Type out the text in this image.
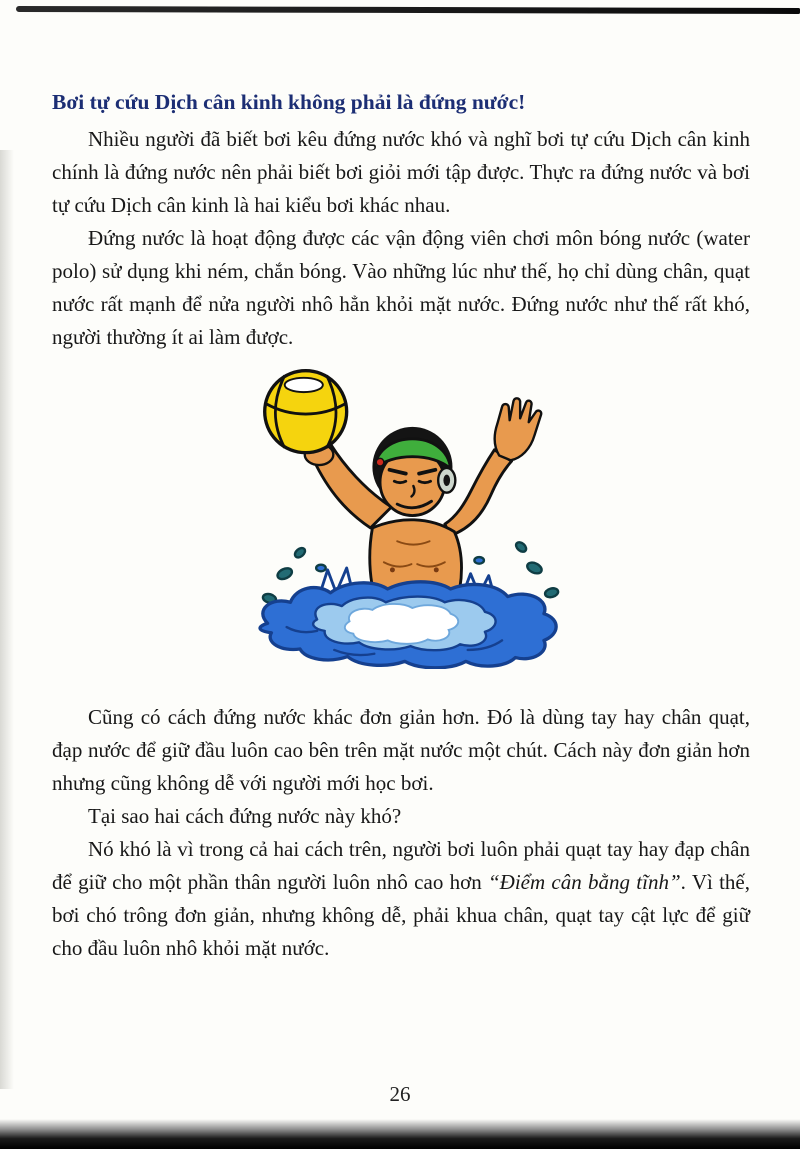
Bơi tự cứu Dịch cân kinh không phải là đứng nước!

Nhiều người đã biết bơi kêu đứng nước khó và nghĩ bơi tự cứu Dịch cân kinh chính là đứng nước nên phải biết bơi giỏi mới tập được. Thực ra đứng nước và bơi tự cứu Dịch cân kinh là hai kiểu bơi khác nhau.

Đứng nước là hoạt động được các vận động viên chơi môn bóng nước (water polo) sử dụng khi ném, chắn bóng. Vào những lúc như thế, họ chỉ dùng chân, quạt nước rất mạnh để nửa người nhô hẳn khỏi mặt nước. Đứng nước như thế rất khó, người thường ít ai làm được.

Cũng có cách đứng nước khác đơn giản hơn. Đó là dùng tay hay chân quạt, đạp nước để giữ đầu luôn cao bên trên mặt nước một chút. Cách này đơn giản hơn nhưng cũng không dễ với người mới học bơi.

Tại sao hai cách đứng nước này khó?

Nó khó là vì trong cả hai cách trên, người bơi luôn phải quạt tay hay đạp chân để giữ cho một phần thân người luôn nhô cao hơn “Điểm cân bằng tĩnh”. Vì thế, bơi chó trông đơn giản, nhưng không dễ, phải khua chân, quạt tay cật lực để giữ cho đầu luôn nhô khỏi mặt nước.

26
